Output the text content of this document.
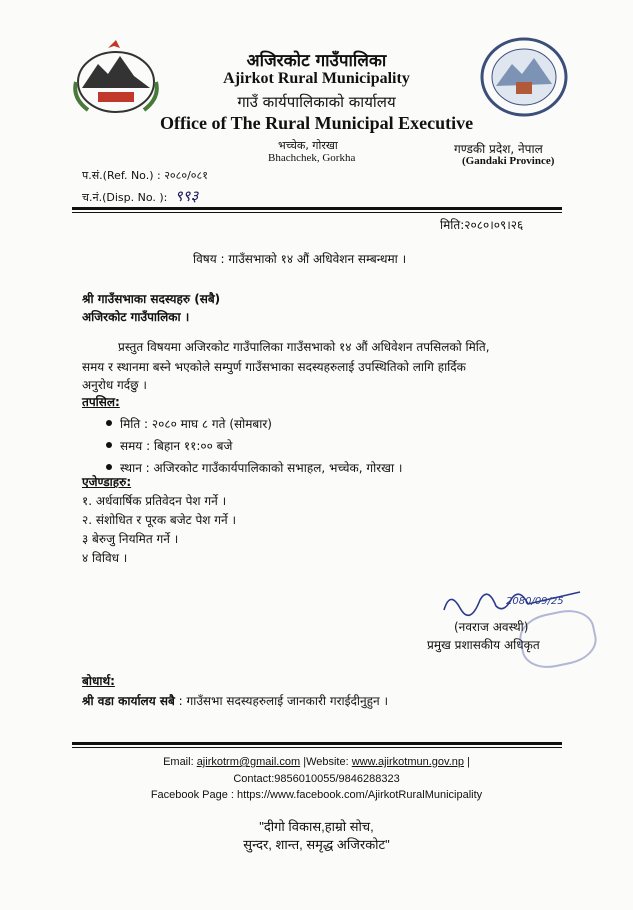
अजिरकोट गाउँपालिका
Ajirkot Rural Municipality
गाउँ कार्यपालिकाको कार्यालय
Office of The Rural Municipal Executive
भच्चेक, गोरखा
Bhachchek, Gorkha
गण्डकी प्रदेश, नेपाल
(Gandaki Province)
प.सं.(Ref. No.) : २०८०/०८१
च.नं.(Disp. No. ): ९९३
मिति:२०८०।०९।२६
विषय : गाउँसभाको १४ औं अधिवेशन सम्बन्धमा ।
श्री गाउँसभाका सदस्यहरु (सबै)
अजिरकोट गाउँपालिका ।
प्रस्तुत विषयमा अजिरकोट गाउँपालिका गाउँसभाको १४ औं अधिवेशन तपसिलको मिति,
समय र स्थानमा बस्ने भएकोले सम्पुर्ण गाउँसभाका सदस्यहरुलाई उपस्थितिको लागि हार्दिक
अनुरोध गर्दछु ।
तपसिल:
मिति : २०८० माघ ८ गते (सोमबार)
समय : बिहान ११:०० बजे
स्थान : अजिरकोट गाउँकार्यपालिकाको सभाहल, भच्चेक, गोरखा ।
एजेण्डाहरु:
१. अर्धवार्षिक प्रतिवेदन पेश गर्ने ।
२. संशोधित र पूरक बजेट पेश गर्ने ।
३ बेरुजु नियमित गर्ने ।
४ विविध ।
2080/09/25
(नवराज अवस्थी)
प्रमुख प्रशासकीय अधिकृत
बोधार्थ:
श्री वडा कार्यालय सबै : गाउँसभा सदस्यहरुलाई जानकारी गराईदीनुहुन ।
Email: ajirkotrm@gmail.com |Website: www.ajirkotmun.gov.np |
Contact:9856010055/9846288323
Facebook Page : https://www.facebook.com/AjirkotRuralMunicipality
"दीगो विकास,हाम्रो सोच,
सुन्दर, शान्त, समृद्ध अजिरकोट"
